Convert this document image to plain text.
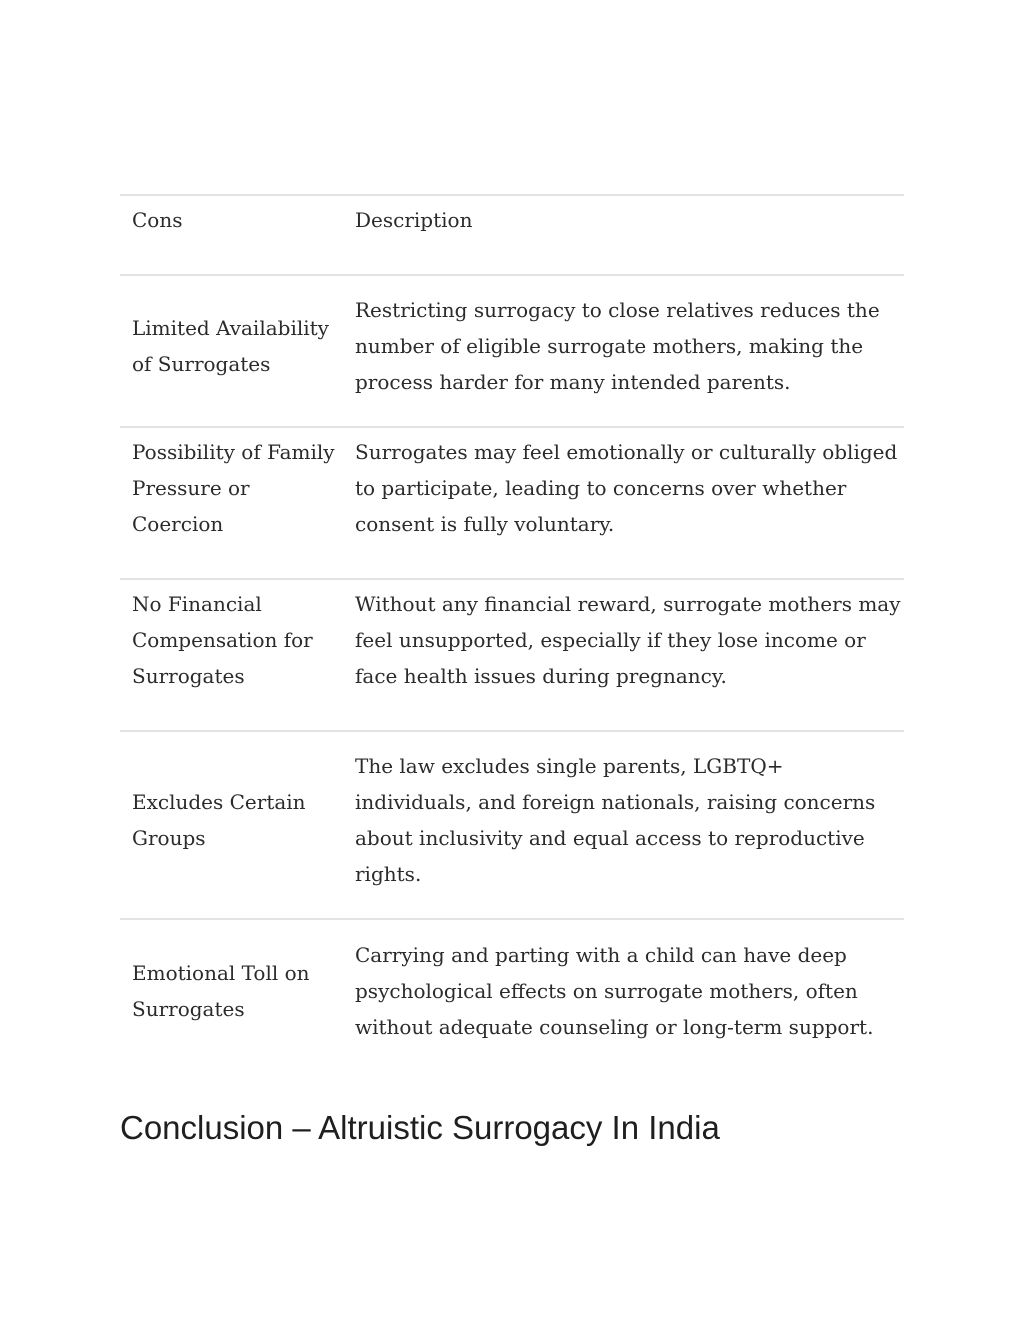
Cons	Description
Limited Availability of Surrogates	Restricting surrogacy to close relatives reduces the number of eligible surrogate mothers, making the process harder for many intended parents.
Possibility of Family Pressure or Coercion	Surrogates may feel emotionally or culturally obliged to participate, leading to concerns over whether consent is fully voluntary.
No Financial Compensation for Surrogates	Without any financial reward, surrogate mothers may feel unsupported, especially if they lose income or face health issues during pregnancy.
Excludes Certain Groups	The law excludes single parents, LGBTQ+ individuals, and foreign nationals, raising concerns about inclusivity and equal access to reproductive rights.
Emotional Toll on Surrogates	Carrying and parting with a child can have deep psychological effects on surrogate mothers, often without adequate counseling or long-term support.
Conclusion – Altruistic Surrogacy In India
